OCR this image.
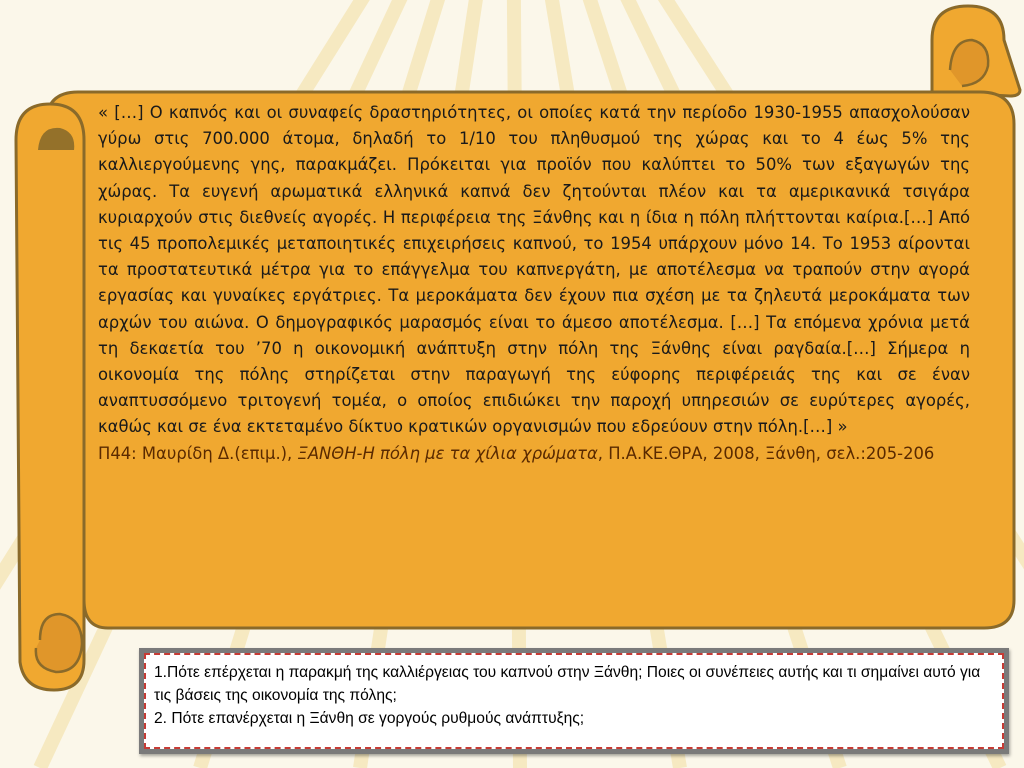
« […] Ο καπνός και οι συναφείς δραστηριότητες, οι οποίες κατά την περίοδο 1930-1955 απασχολούσαν γύρω στις 700.000 άτομα, δηλαδή το 1/10 του πληθυσμού της χώρας και το 4 έως 5% της καλλιεργούμενης γης, παρακμάζει. Πρόκειται για προϊόν που καλύπτει το 50% των εξαγωγών της χώρας. Τα ευγενή αρωματικά ελληνικά καπνά δεν ζητούνται πλέον και τα αμερικανικά τσιγάρα κυριαρχούν στις διεθνείς αγορές. Η περιφέρεια της Ξάνθης και η ίδια η πόλη πλήττονται καίρια.[…] Από τις 45 προπολεμικές μεταποιητικές επιχειρήσεις καπνού, το 1954 υπάρχουν μόνο 14. Το 1953 αίρονται τα προστατευτικά μέτρα για το επάγγελμα του καπνεργάτη, με αποτέλεσμα να τραπούν στην αγορά εργασίας και γυναίκες εργάτριες. Τα μεροκάματα δεν έχουν πια σχέση με τα ζηλευτά μεροκάματα των αρχών του αιώνα. Ο δημογραφικός μαρασμός είναι το άμεσο αποτέλεσμα. […] Τα επόμενα χρόνια μετά τη δεκαετία του ’70 η οικονομική ανάπτυξη στην πόλη της Ξάνθης είναι ραγδαία.[…] Σήμερα η οικονομία της πόλης στηρίζεται στην παραγωγή της εύφορης περιφέρειάς της και σε έναν αναπτυσσόμενο τριτογενή τομέα, ο οποίος επιδιώκει την παροχή υπηρεσιών σε ευρύτερες αγορές, καθώς και σε ένα εκτεταμένο δίκτυο κρατικών οργανισμών που εδρεύουν στην πόλη.[…] »

Π44: Μαυρίδη Δ.(επιμ.), ΞΑΝΘΗ-Η πόλη με τα χίλια χρώματα, Π.Α.ΚΕ.ΘΡΑ, 2008, Ξάνθη, σελ.:205-206

1.Πότε επέρχεται η παρακμή της καλλιέργειας του καπνού στην Ξάνθη; Ποιες οι συνέπειες αυτής και τι σημαίνει αυτό για τις βάσεις της οικονομία της πόλης;
2. Πότε επανέρχεται η Ξάνθη σε γοργούς ρυθμούς ανάπτυξης;
